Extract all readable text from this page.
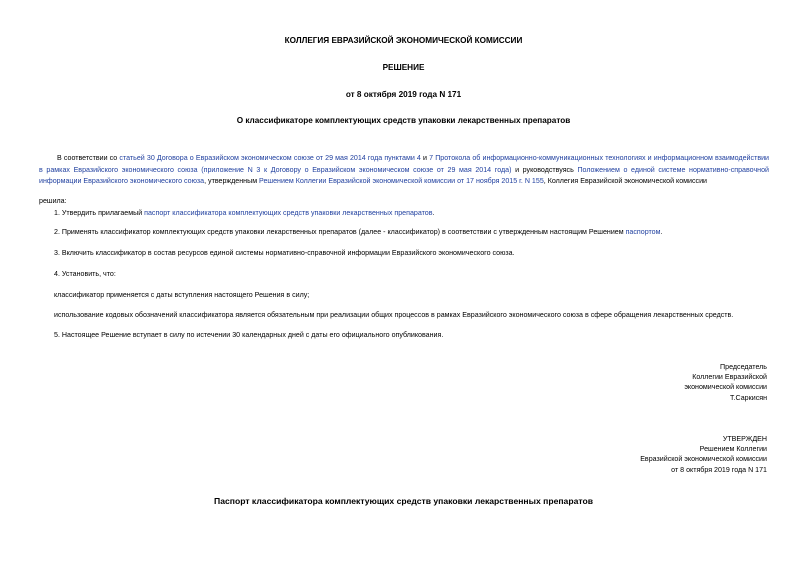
КОЛЛЕГИЯ ЕВРАЗИЙСКОЙ ЭКОНОМИЧЕСКОЙ КОМИССИИ
РЕШЕНИЕ
от 8 октября 2019 года N 171
О классификаторе комплектующих средств упаковки лекарственных препаратов
В соответствии со статьей 30 Договора о Евразийском экономическом союзе от 29 мая 2014 года пунктами 4 и 7 Протокола об информационно-коммуникационных технологиях и информационном взаимодействии в рамках Евразийского экономического союза (приложение N 3 к Договору о Евразийском экономическом союзе от 29 мая 2014 года) и руководствуясь Положением о единой системе нормативно-справочной информации Евразийского экономического союза, утвержденным Решением Коллегии Евразийской экономической комиссии от 17 ноября 2015 г. N 155, Коллегия Евразийской экономической комиссии
решила:
1. Утвердить прилагаемый паспорт классификатора комплектующих средств упаковки лекарственных препаратов.
2. Применять классификатор комплектующих средств упаковки лекарственных препаратов (далее - классификатор) в соответствии с утвержденным настоящим Решением паспортом.
3. Включить классификатор в состав ресурсов единой системы нормативно-справочной информации Евразийского экономического союза.
4. Установить, что:
классификатор применяется с даты вступления настоящего Решения в силу;
использование кодовых обозначений классификатора является обязательным при реализации общих процессов в рамках Евразийского экономического союза в сфере обращения лекарственных средств.
5. Настоящее Решение вступает в силу по истечении 30 календарных дней с даты его официального опубликования.
Председатель
Коллегии Евразийской
экономической комиссии
Т.Саркисян
УТВЕРЖДЕН
Решением Коллегии
Евразийской экономической комиссии
от 8 октября 2019 года N 171
Паспорт классификатора комплектующих средств упаковки лекарственных препаратов
